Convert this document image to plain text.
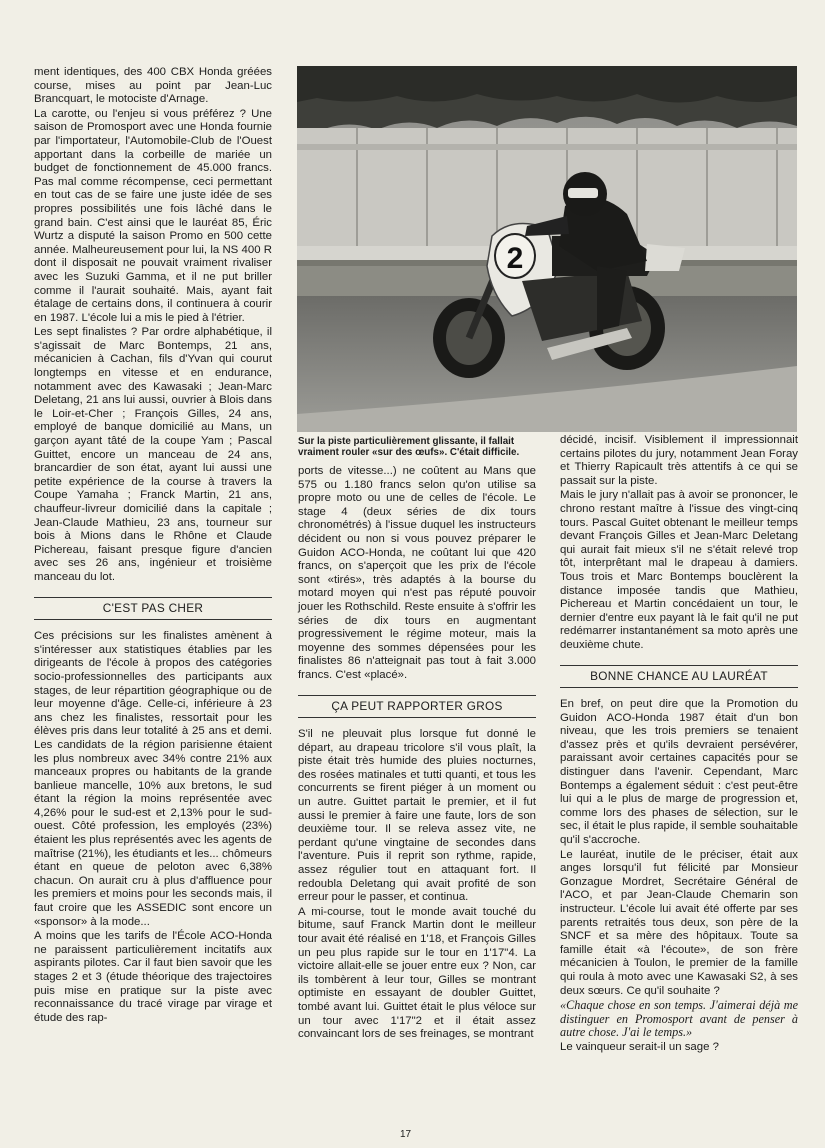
ment identiques, des 400 CBX Honda gréées course, mises au point par Jean-Luc Brancquart, le motociste d'Arnage.

La carotte, ou l'enjeu si vous préférez ? Une saison de Promosport avec une Honda fournie par l'importateur, l'Automobile-Club de l'Ouest apportant dans la corbeille de mariée un budget de fonctionnement de 45.000 francs. Pas mal comme récompense, ceci permettant en tout cas de se faire une juste idée de ses propres possibilités une fois lâché dans le grand bain. C'est ainsi que le lauréat 85, Éric Wurtz a disputé la saison Promo en 500 cette année. Malheureusement pour lui, la NS 400 R dont il disposait ne pouvait vraiment rivaliser avec les Suzuki Gamma, et il ne put briller comme il l'aurait souhaité. Mais, ayant fait étalage de certains dons, il continuera à courir en 1987. L'école lui a mis le pied à l'étrier.

Les sept finalistes ? Par ordre alphabétique, il s'agissait de Marc Bontemps, 21 ans, mécanicien à Cachan, fils d'Yvan qui courut longtemps en vitesse et en endurance, notamment avec des Kawasaki ; Jean-Marc Deletang, 21 ans lui aussi, ouvrier à Blois dans le Loir-et-Cher ; François Gilles, 24 ans, employé de banque domicilié au Mans, un garçon ayant tâté de la coupe Yam ; Pascal Guittet, encore un manceau de 24 ans, brancardier de son état, ayant lui aussi une petite expérience de la course à travers la Coupe Yamaha ; Franck Martin, 21 ans, chauffeur-livreur domicilié dans la capitale ; Jean-Claude Mathieu, 23 ans, tourneur sur bois à Mions dans le Rhône et Claude Pichereau, faisant presque figure d'ancien avec ses 26 ans, ingénieur et troisième manceau du lot.

C'EST PAS CHER

Ces précisions sur les finalistes amènent à s'intéresser aux statistiques établies par les dirigeants de l'école à propos des catégories socio-professionnelles des participants aux stages, de leur répartition géographique ou de leur moyenne d'âge. Celle-ci, inférieure à 23 ans chez les finalistes, ressortait pour les élèves pris dans leur totalité à 25 ans et demi. Les candidats de la région parisienne étaient les plus nombreux avec 34% contre 21% aux manceaux propres ou habitants de la grande banlieue mancelle, 10% aux bretons, le sud étant la région la moins représentée avec 4,26% pour le sud-est et 2,13% pour le sud-ouest. Côté profession, les employés (23%) étaient les plus représentés avec les agents de maîtrise (21%), les étudiants et les... chômeurs étant en queue de peloton avec 6,38% chacun. On aurait cru à plus d'affluence pour les premiers et moins pour les seconds mais, il faut croire que les ASSEDIC sont encore un «sponsor» à la mode...

A moins que les tarifs de l'École ACO-Honda ne paraissent particulièrement incitatifs aux aspirants pilotes. Car il faut bien savoir que les stages 2 et 3 (étude théorique des trajectoires puis mise en pratique sur la piste avec reconnaissance du tracé virage par virage et étude des rap-

2
Sur la piste particulièrement glissante, il fallait vraiment rouler «sur des œufs». C'était difficile.

ports de vitesse...) ne coûtent au Mans que 575 ou 1.180 francs selon qu'on utilise sa propre moto ou une de celles de l'école. Le stage 4 (deux séries de dix tours chronométrés) à l'issue duquel les instructeurs décident ou non si vous pouvez préparer le Guidon ACO-Honda, ne coûtant lui que 420 francs, on s'aperçoit que les prix de l'école sont «tirés», très adaptés à la bourse du motard moyen qui n'est pas réputé pouvoir jouer les Rothschild. Reste ensuite à s'offrir les séries de dix tours en augmentant progressivement le régime moteur, mais la moyenne des sommes dépensées pour les finalistes 86 n'atteignait pas tout à fait 3.000 francs. C'est «placé».

ÇA PEUT RAPPORTER GROS

S'il ne pleuvait plus lorsque fut donné le départ, au drapeau tricolore s'il vous plaît, la piste était très humide des pluies nocturnes, des rosées matinales et tutti quanti, et tous les concurrents se firent piéger à un moment ou un autre. Guittet partait le premier, et il fut aussi le premier à faire une faute, lors de son deuxième tour. Il se releva assez vite, ne perdant qu'une vingtaine de secondes dans l'aventure. Puis il reprit son rythme, rapide, assez régulier tout en attaquant fort. Il redoubla Deletang qui avait profité de son erreur pour le passer, et continua.

A mi-course, tout le monde avait touché du bitume, sauf Franck Martin dont le meilleur tour avait été réalisé en 1'18, et François Gilles un peu plus rapide sur le tour en 1'17"4. La victoire allait-elle se jouer entre eux ? Non, car ils tombèrent à leur tour, Gilles se montrant optimiste en essayant de doubler Guittet, tombé avant lui. Guittet était le plus véloce sur un tour avec 1'17"2 et il était assez convaincant lors de ses freinages, se montrant

décidé, incisif. Visiblement il impressionnait certains pilotes du jury, notamment Jean Foray et Thierry Rapicault très attentifs à ce qui se passait sur la piste.

Mais le jury n'allait pas à avoir se prononcer, le chrono restant maître à l'issue des vingt-cinq tours. Pascal Guitet obtenant le meilleur temps devant François Gilles et Jean-Marc Deletang qui aurait fait mieux s'il ne s'était relevé trop tôt, interprêtant mal le drapeau à damiers. Tous trois et Marc Bontemps bouclèrent la distance imposée tandis que Mathieu, Pichereau et Martin concédaient un tour, le dernier d'entre eux payant là le fait qu'il ne put redémarrer instantanément sa moto après une deuxième chute.

BONNE CHANCE AU LAURÉAT

En bref, on peut dire que la Promotion du Guidon ACO-Honda 1987 était d'un bon niveau, que les trois premiers se tenaient d'assez près et qu'ils devraient persévérer, paraissant avoir certaines capacités pour se distinguer dans l'avenir. Cependant, Marc Bontemps a également séduit : c'est peut-être lui qui a le plus de marge de progression et, comme lors des phases de sélection, sur le sec, il était le plus rapide, il semble souhaitable qu'il s'accroche.

Le lauréat, inutile de le préciser, était aux anges lorsqu'il fut félicité par Monsieur Gonzague Mordret, Secrétaire Général de l'ACO, et par Jean-Claude Chemarin son instructeur. L'école lui avait été offerte par ses parents retraités tous deux, son père de la SNCF et sa mère des hôpitaux. Toute sa famille était «à l'écoute», de son frère mécanicien à Toulon, le premier de la famille qui roula à moto avec une Kawasaki S2, à ses deux sœurs. Ce qu'il souhaite ?

«Chaque chose en son temps. J'aimerai déjà me distinguer en Promosport avant de penser à autre chose. J'ai le temps.»

Le vainqueur serait-il un sage ?

17
